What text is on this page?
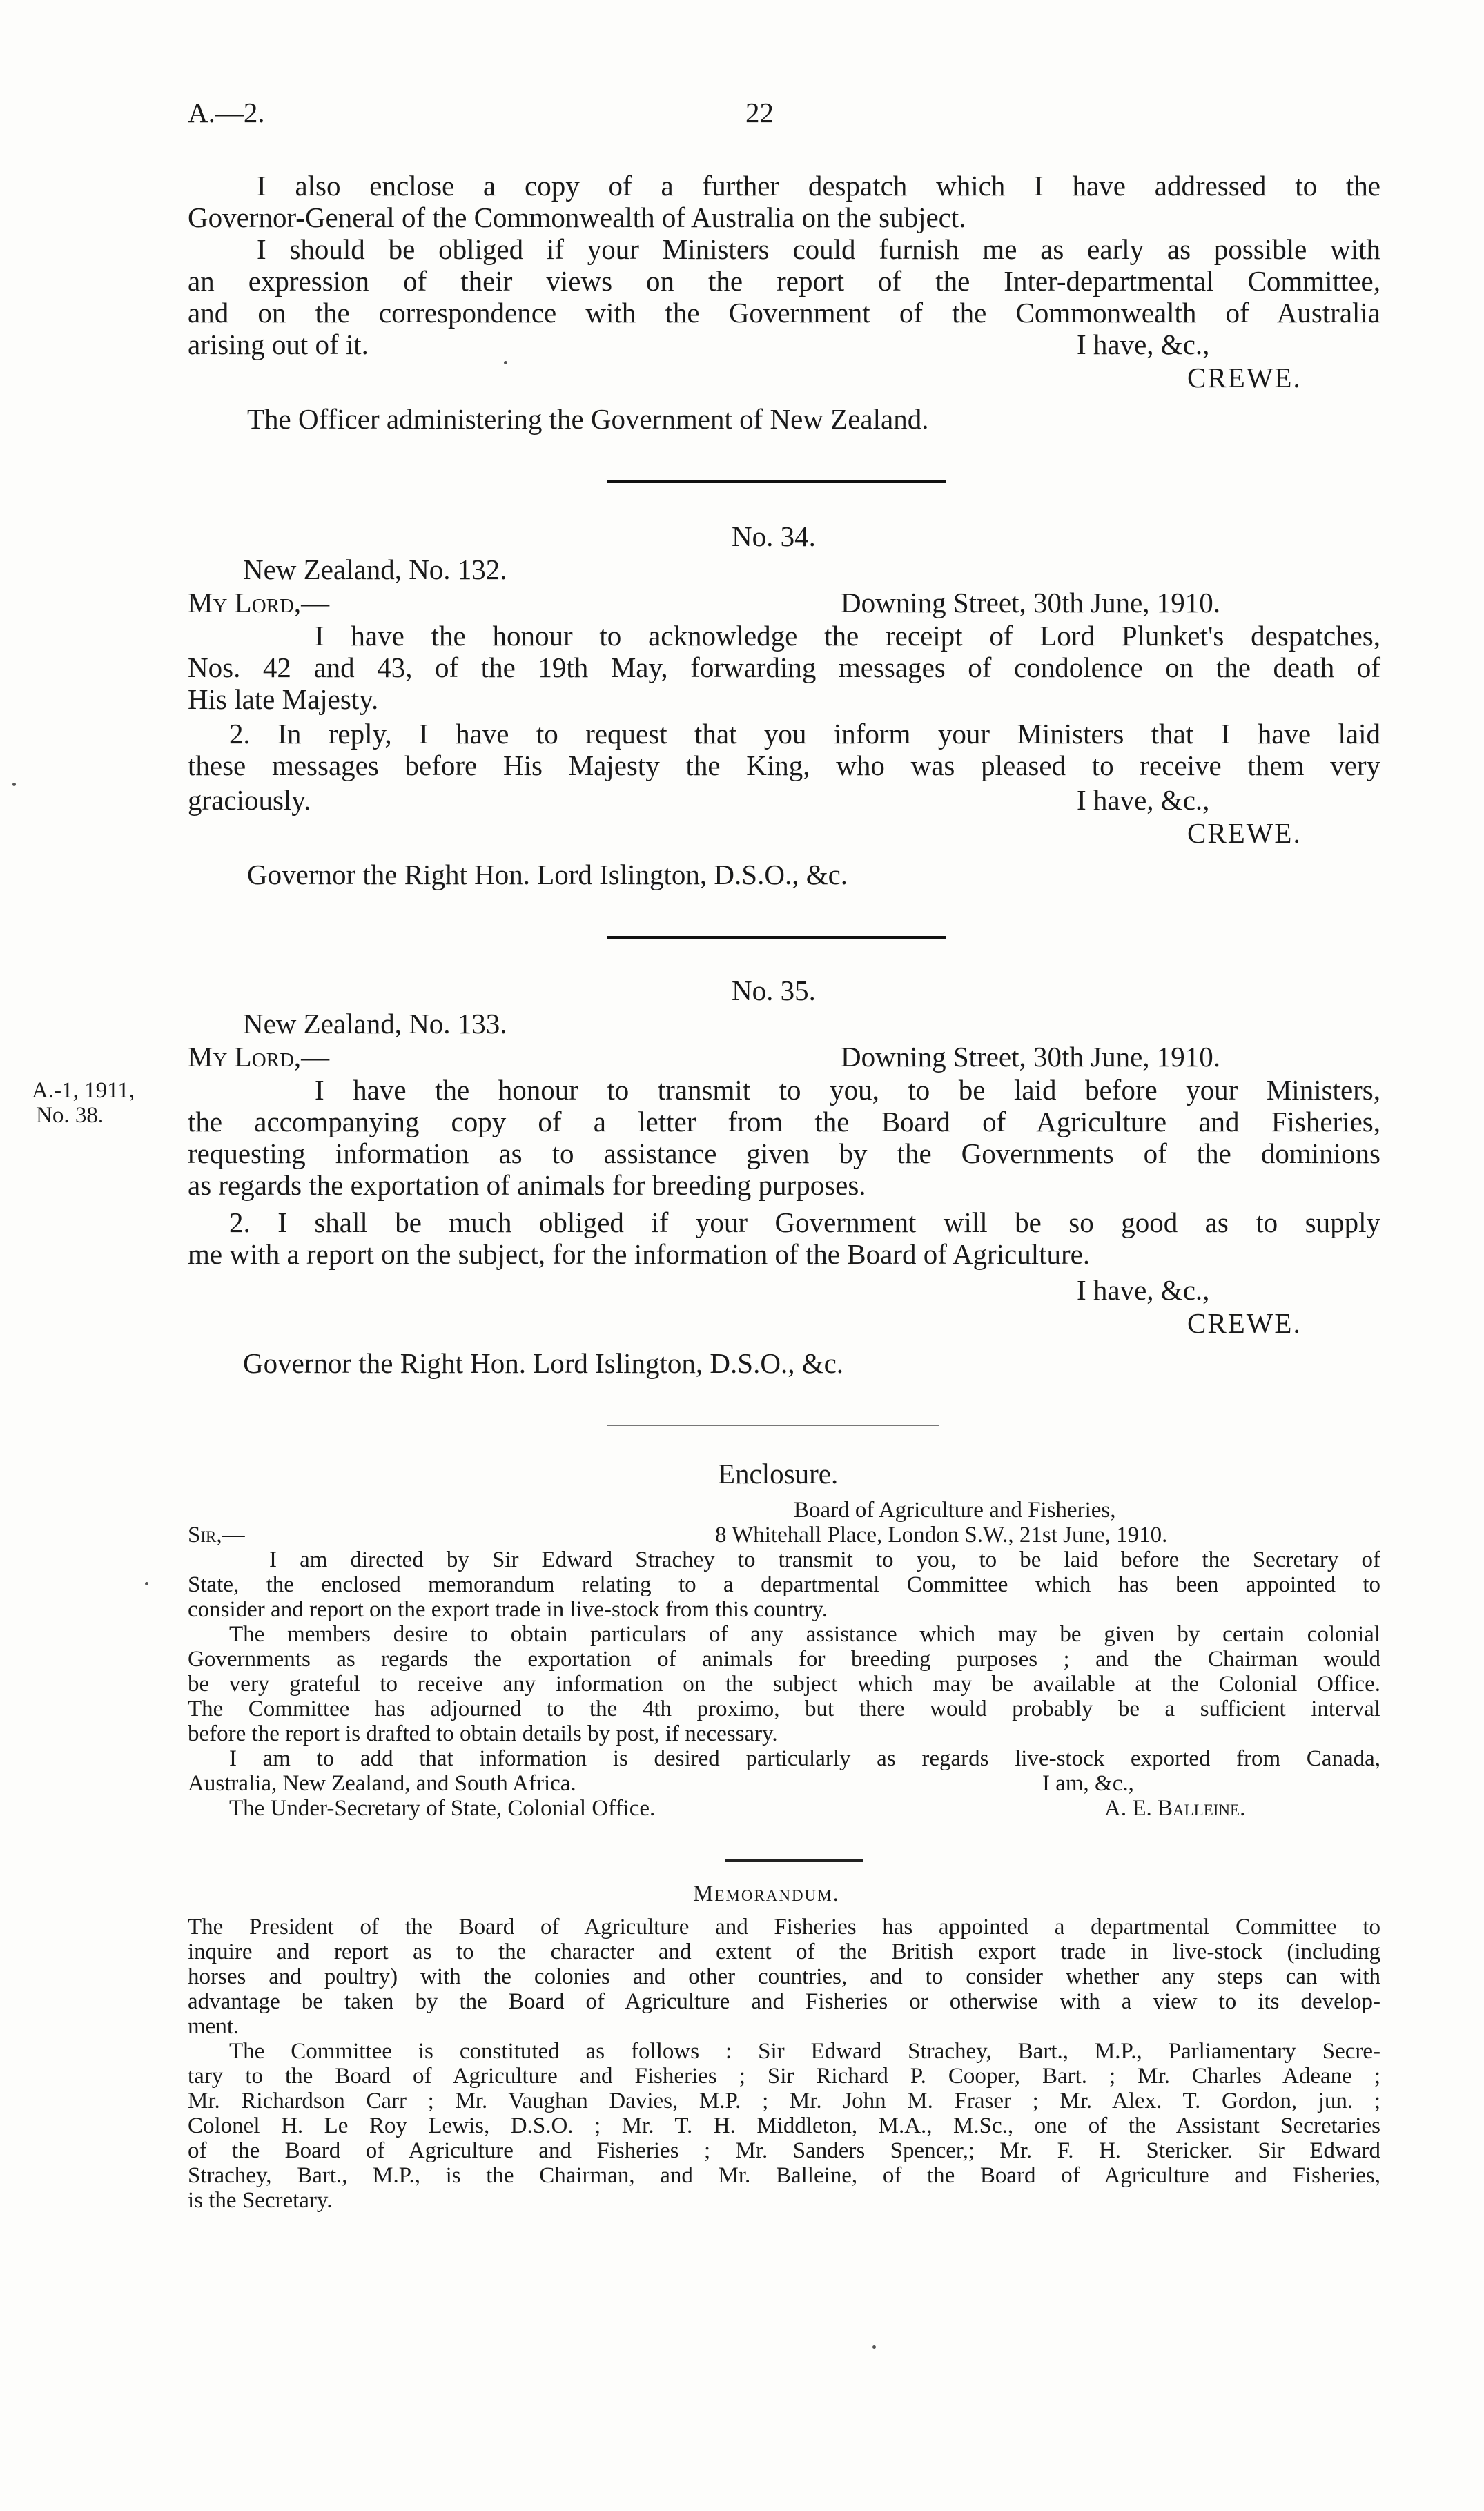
A.—2.	22
I also enclose a copy of a further despatch which I have addressed to the
Governor-General of the Commonwealth of Australia on the subject.
I should be obliged if your Ministers could furnish me as early as possible with
an expression of their views on the report of the Inter-departmental Committee,
and on the correspondence with the Government of the Commonwealth of Australia
arising out of it.	I have, &c.,
CREWE.
The Officer administering the Government of New Zealand.
No. 34.
New Zealand, No. 132.
My Lord,—	Downing Street, 30th June, 1910.
I have the honour to acknowledge the receipt of Lord Plunket's despatches,
Nos. 42 and 43, of the 19th May, forwarding messages of condolence on the death of
His late Majesty.
2. In reply, I have to request that you inform your Ministers that I have laid
these messages before His Majesty the King, who was pleased to receive them very
graciously.	I have, &c.,
CREWE.
Governor the Right Hon. Lord Islington, D.S.O., &c.
No. 35.
New Zealand, No. 133.
My Lord,—	Downing Street, 30th June, 1910.
A.-1, 1911,
No. 38.
I have the honour to transmit to you, to be laid before your Ministers,
the accompanying copy of a letter from the Board of Agriculture and Fisheries,
requesting information as to assistance given by the Governments of the dominions
as regards the exportation of animals for breeding purposes.
2. I shall be much obliged if your Government will be so good as to supply
me with a report on the subject, for the information of the Board of Agriculture.
I have, &c.,
CREWE.
Governor the Right Hon. Lord Islington, D.S.O., &c.
Enclosure.
Board of Agriculture and Fisheries,
Sir,—	8 Whitehall Place, London S.W., 21st June, 1910.
I am directed by Sir Edward Strachey to transmit to you, to be laid before the Secretary of
State, the enclosed memorandum relating to a departmental Committee which has been appointed to
consider and report on the export trade in live-stock from this country.
The members desire to obtain particulars of any assistance which may be given by certain colonial
Governments as regards the exportation of animals for breeding purposes ; and the Chairman would
be very grateful to receive any information on the subject which may be available at the Colonial Office.
The Committee has adjourned to the 4th proximo, but there would probably be a sufficient interval
before the report is drafted to obtain details by post, if necessary.
I am to add that information is desired particularly as regards live-stock exported from Canada,
Australia, New Zealand, and South Africa.	I am, &c.,
The Under-Secretary of State, Colonial Office.	A. E. Balleine.
Memorandum.
The President of the Board of Agriculture and Fisheries has appointed a departmental Committee to
inquire and report as to the character and extent of the British export trade in live-stock (including
horses and poultry) with the colonies and other countries, and to consider whether any steps can with
advantage be taken by the Board of Agriculture and Fisheries or otherwise with a view to its develop-
ment.
The Committee is constituted as follows : Sir Edward Strachey, Bart., M.P., Parliamentary Secre-
tary to the Board of Agriculture and Fisheries ; Sir Richard P. Cooper, Bart. ; Mr. Charles Adeane ;
Mr. Richardson Carr ; Mr. Vaughan Davies, M.P. ; Mr. John M. Fraser ; Mr. Alex. T. Gordon, jun. ;
Colonel H. Le Roy Lewis, D.S.O. ; Mr. T. H. Middleton, M.A., M.Sc., one of the Assistant Secretaries
of the Board of Agriculture and Fisheries ; Mr. Sanders Spencer,; Mr. F. H. Stericker. Sir Edward
Strachey, Bart., M.P., is the Chairman, and Mr. Balleine, of the Board of Agriculture and Fisheries,
is the Secretary.
